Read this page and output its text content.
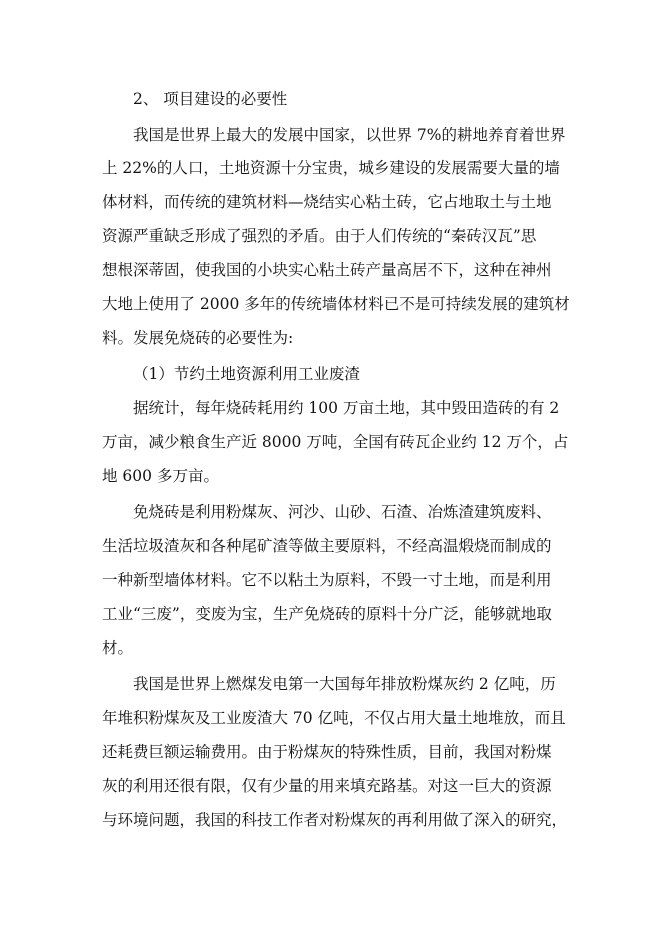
2、 项目建设的必要性
我国是世界上最大的发展中国家，以世界 7%的耕地养育着世界
上 22%的人口，土地资源十分宝贵，城乡建设的发展需要大量的墙
体材料，而传统的建筑材料—烧结实心粘土砖，它占地取土与土地
资源严重缺乏形成了强烈的矛盾。由于人们传统的“秦砖汉瓦”思
想根深蒂固，使我国的小块实心粘土砖产量高居不下，这种在神州
大地上使用了 2000 多年的传统墙体材料已不是可持续发展的建筑材
料。发展免烧砖的必要性为:
（1）节约土地资源利用工业废渣
据统计，每年烧砖耗用约 100 万亩土地，其中毁田造砖的有 2
万亩，减少粮食生产近 8000 万吨，全国有砖瓦企业约 12 万个，占
地 600 多万亩。
免烧砖是利用粉煤灰、河沙、山砂、石渣、冶炼渣建筑废料、
生活垃圾渣灰和各种尾矿渣等做主要原料，不经高温煅烧而制成的
一种新型墙体材料。它不以粘土为原料，不毁一寸土地，而是利用
工业“三废”，变废为宝，生产免烧砖的原料十分广泛，能够就地取
材。
我国是世界上燃煤发电第一大国每年排放粉煤灰约 2 亿吨，历
年堆积粉煤灰及工业废渣大 70 亿吨，不仅占用大量土地堆放，而且
还耗费巨额运输费用。由于粉煤灰的特殊性质，目前，我国对粉煤
灰的利用还很有限，仅有少量的用来填充路基。对这一巨大的资源
与环境问题，我国的科技工作者对粉煤灰的再利用做了深入的研究，
